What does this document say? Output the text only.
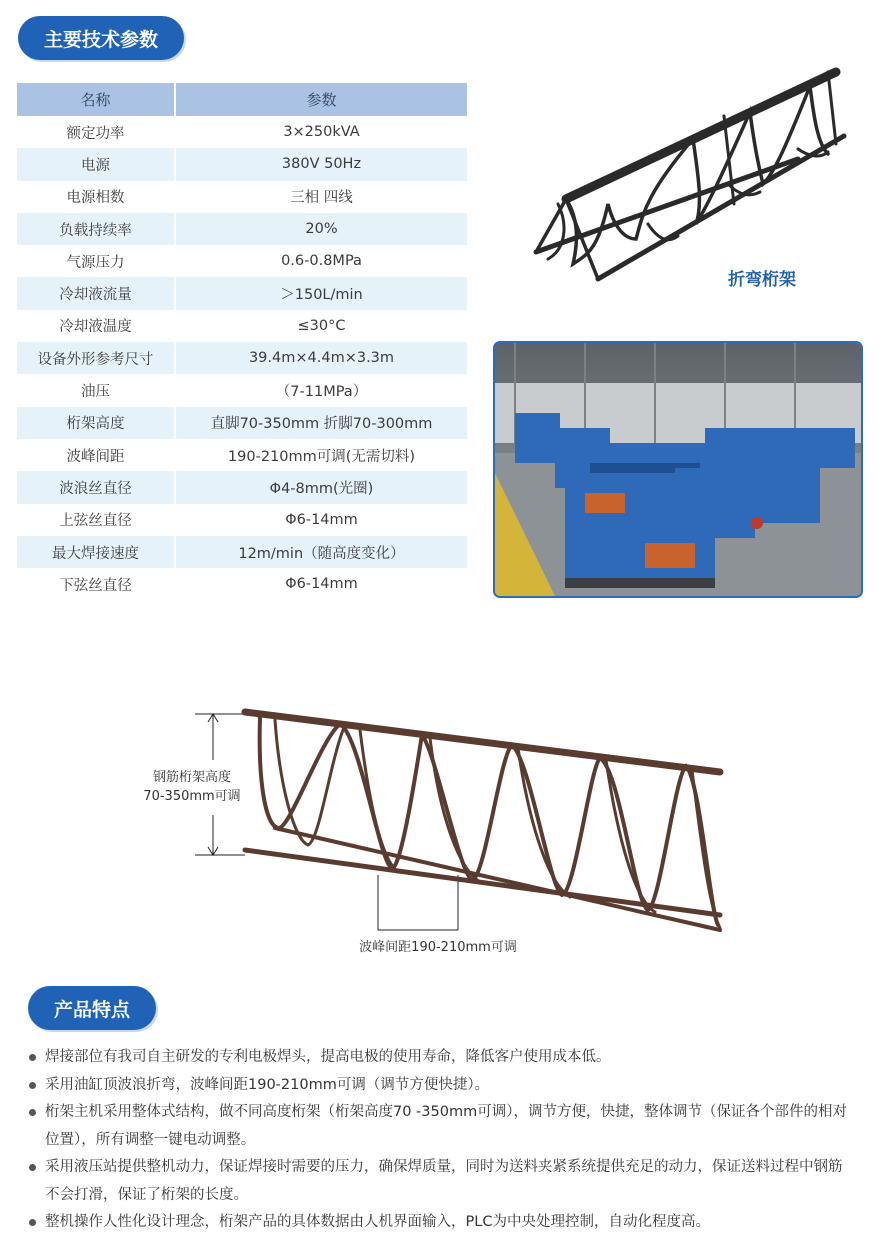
主要技术参数
名称	参数
额定功率	3×250kVA
电源	380V 50Hz
电源相数	三相 四线
负载持续率	20%
气源压力	0.6-0.8MPa
冷却液流量	＞150L/min
冷却液温度	≤30°C
设备外形参考尺寸	39.4m×4.4m×3.3m
油压	（7-11MPa）
桁架高度	直脚70-350mm 折脚70-300mm
波峰间距	190-210mm可调(无需切料)
波浪丝直径	Φ4-8mm(光圈)
上弦丝直径	Φ6-14mm
最大焊接速度	12m/min（随高度变化）
下弦丝直径	Φ6-14mm
折弯桁架
钢筋桁架高度
70-350mm可调
波峰间距190-210mm可调
产品特点
焊接部位有我司自主研发的专利电极焊头，提高电极的使用寿命，降低客户使用成本低。
采用油缸顶波浪折弯，波峰间距190-210mm可调（调节方便快捷）。
桁架主机采用整体式结构，做不同高度桁架（桁架高度70 -350mm可调），调节方便，快捷，整体调节（保证各个部件的相对位置），所有调整一键电动调整。
采用液压站提供整机动力，保证焊接时需要的压力，确保焊质量，同时为送料夹紧系统提供充足的动力，保证送料过程中钢筋不会打滑，保证了桁架的长度。
整机操作人性化设计理念，桁架产品的具体数据由人机界面输入，PLC为中央处理控制，自动化程度高。
